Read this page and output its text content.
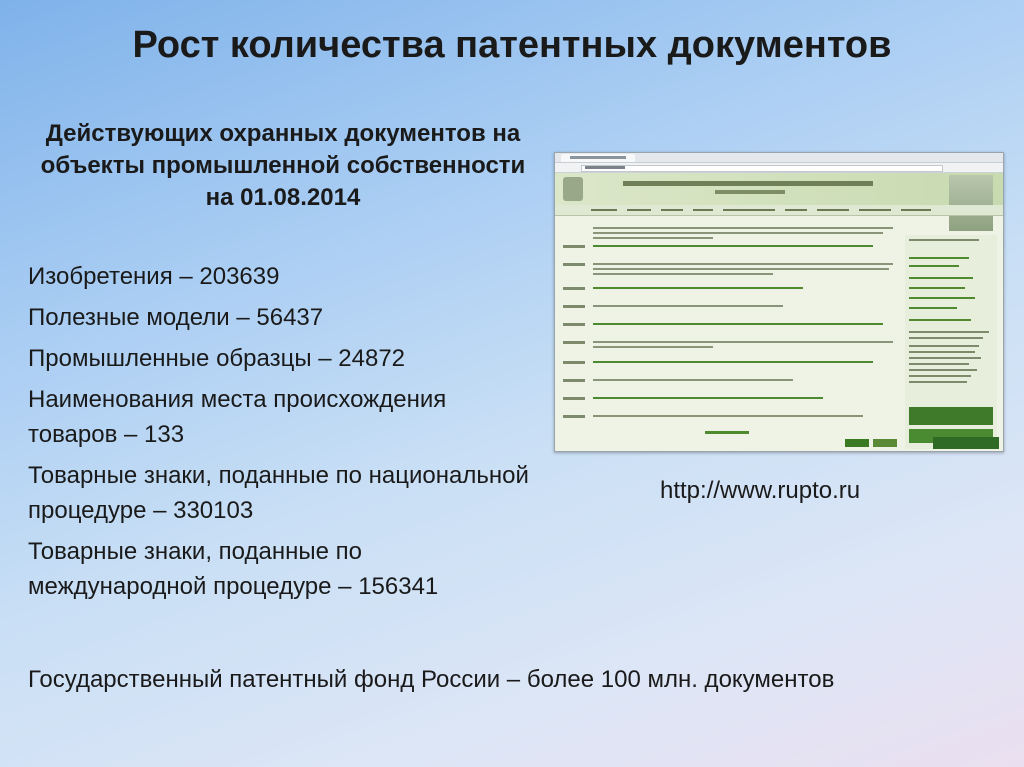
Рост количества патентных документов
Действующих охранных документов на объекты промышленной собственности на 01.08.2014
Изобретения – 203639
Полезные модели – 56437
Промышленные образцы – 24872
Наименования места происхождения товаров – 133
Товарные знаки, поданные по национальной процедуре – 330103
Товарные знаки, поданные по международной процедуре – 156341
http://www.rupto.ru
Государственный патентный фонд России – более 100 млн. документов
